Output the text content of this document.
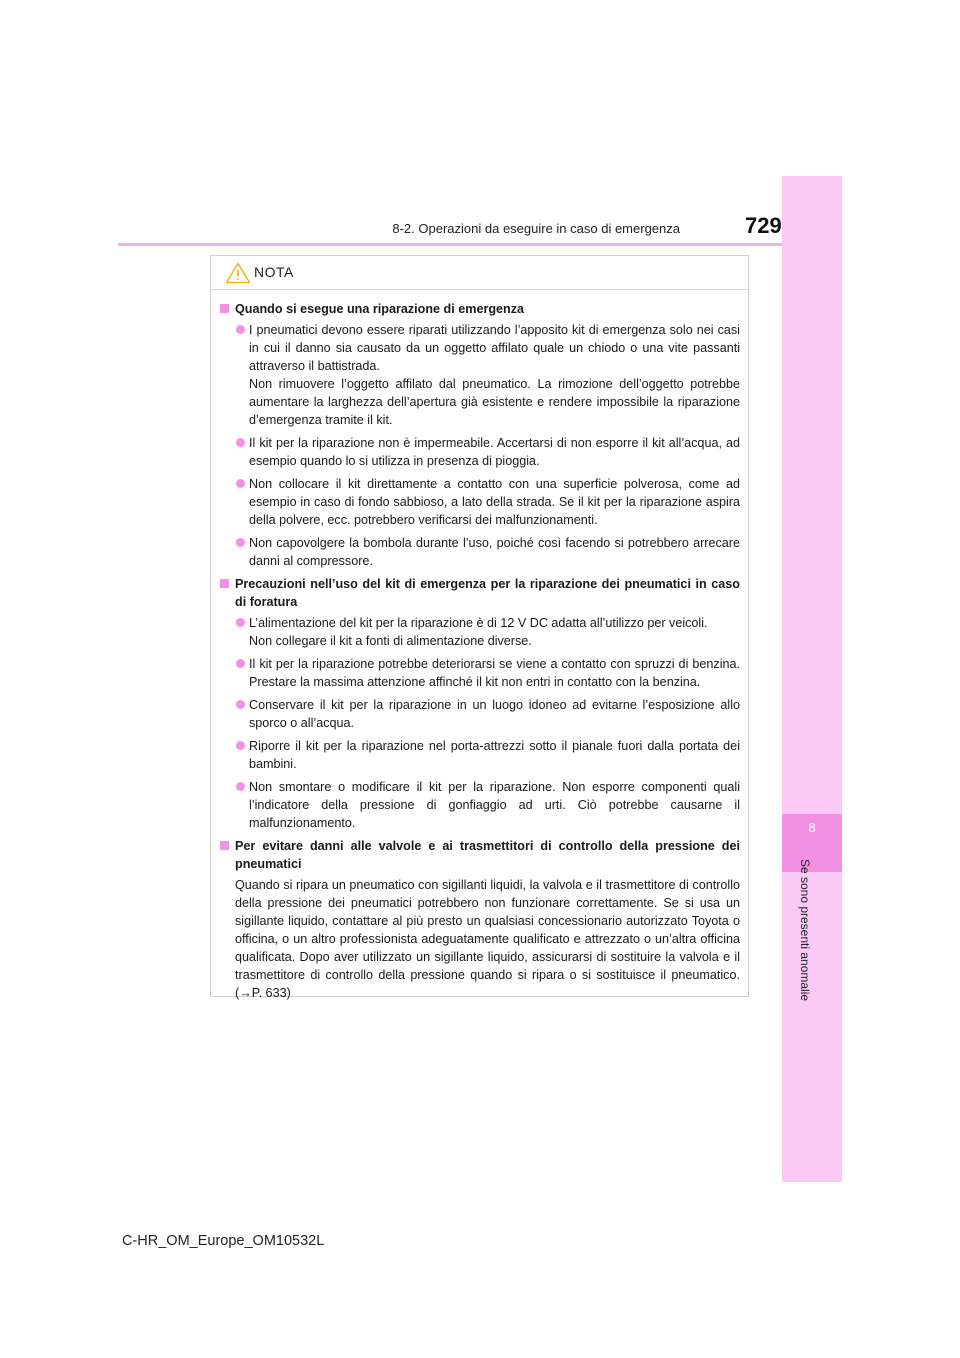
8-2. Operazioni da eseguire in caso di emergenza	729
8
Se sono presenti anomalie
NOTA
Quando si esegue una riparazione di emergenza
I pneumatici devono essere riparati utilizzando l’apposito kit di emergenza solo nei casi in cui il danno sia causato da un oggetto affilato quale un chiodo o una vite passanti attraverso il battistrada.
Non rimuovere l’oggetto affilato dal pneumatico. La rimozione dell’oggetto potrebbe aumentare la larghezza dell’apertura già esistente e rendere impossibile la riparazione d’emergenza tramite il kit.
Il kit per la riparazione non è impermeabile. Accertarsi di non esporre il kit all’acqua, ad esempio quando lo si utilizza in presenza di pioggia.
Non collocare il kit direttamente a contatto con una superficie polverosa, come ad esempio in caso di fondo sabbioso, a lato della strada. Se il kit per la riparazione aspira della polvere, ecc. potrebbero verificarsi dei malfunzionamenti.
Non capovolgere la bombola durante l’uso, poiché così facendo si potrebbero arrecare danni al compressore.
Precauzioni nell’uso del kit di emergenza per la riparazione dei pneumatici in caso di foratura
L’alimentazione del kit per la riparazione è di 12 V DC adatta all’utilizzo per veicoli.
Non collegare il kit a fonti di alimentazione diverse.
Il kit per la riparazione potrebbe deteriorarsi se viene a contatto con spruzzi di benzina. Prestare la massima attenzione affinché il kit non entri in contatto con la benzina.
Conservare il kit per la riparazione in un luogo idoneo ad evitarne l’esposizione allo sporco o all’acqua.
Riporre il kit per la riparazione nel porta-attrezzi sotto il pianale fuori dalla portata dei bambini.
Non smontare o modificare il kit per la riparazione. Non esporre componenti quali l’indicatore della pressione di gonfiaggio ad urti. Ciò potrebbe causarne il malfunzionamento.
Per evitare danni alle valvole e ai trasmettitori di controllo della pressione dei pneumatici
Quando si ripara un pneumatico con sigillanti liquidi, la valvola e il trasmettitore di controllo della pressione dei pneumatici potrebbero non funzionare correttamente. Se si usa un sigillante liquido, contattare al più presto un qualsiasi concessionario autorizzato Toyota o officina, o un altro professionista adeguatamente qualificato e attrezzato o un’altra officina qualificata. Dopo aver utilizzato un sigillante liquido, assicurarsi di sostituire la valvola e il trasmettitore di controllo della pressione quando si ripara o si sostituisce il pneumatico. (→P. 633)
C-HR_OM_Europe_OM10532L
